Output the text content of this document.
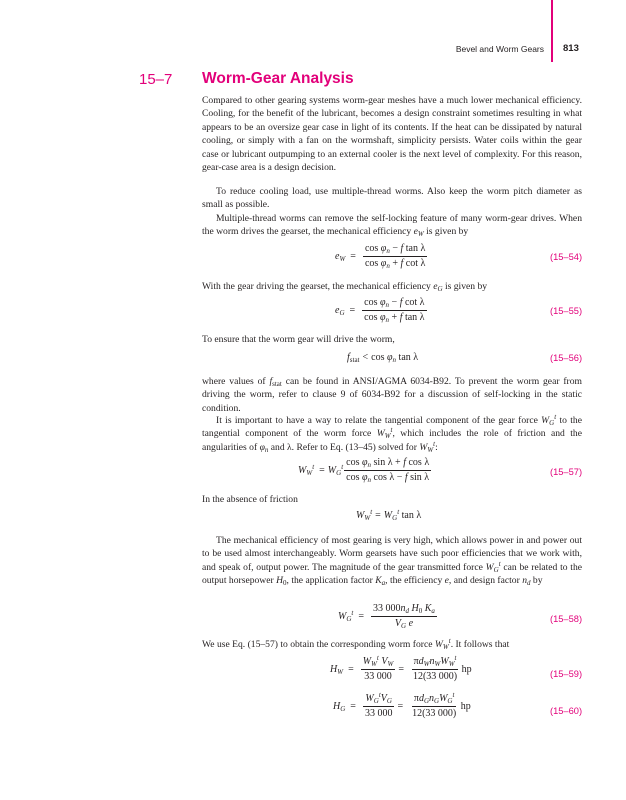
Bevel and Worm Gears 813
15–7 Worm-Gear Analysis
Compared to other gearing systems worm-gear meshes have a much lower mechanical efficiency. Cooling, for the benefit of the lubricant, becomes a design constraint sometimes resulting in what appears to be an oversize gear case in light of its contents. If the heat can be dissipated by natural cooling, or simply with a fan on the wormshaft, simplicity persists. Water coils within the gear case or lubricant outpumping to an external cooler is the next level of complexity. For this reason, gear-case area is a design decision.
To reduce cooling load, use multiple-thread worms. Also keep the worm pitch diameter as small as possible.
Multiple-thread worms can remove the self-locking feature of many worm-gear drives. When the worm drives the gearset, the mechanical efficiency $e_W$ is given by
$e_W = \frac{\cos \varphi_n - f \tan \lambda}{\cos \varphi_n + f \cot \lambda}$	(15–54)
With the gear driving the gearset, the mechanical efficiency $e_G$ is given by
$e_G = \frac{\cos \varphi_n - f \cot \lambda}{\cos \varphi_n + f \tan \lambda}$	(15–55)
To ensure that the worm gear will drive the worm,
$f_{stat} < \cos \varphi_n$ tan λ	(15–56)
where values of $f_{stat}$ can be found in ANSI/AGMA 6034-B92. To prevent the worm gear from driving the worm, refer to clause 9 of 6034-B92 for a discussion of self-locking in the static condition.
It is important to have a way to relate the tangential component of the gear force $W_G^t$ to the tangential component of the worm force $W_W^t$, which includes the role of friction and the angularities of $\varphi_n$ and λ. Refer to Eq. (13–45) solved for $W_W^t$:
$W_W^t = W_G^t \frac{\cos \varphi_n \sin \lambda + f \cos \lambda}{\cos \varphi_n \cos \lambda - f \sin \lambda}$	(15–57)
In the absence of friction
$W_W^t = W_G^t$
tan λ
The mechanical efficiency of most gearing is very high, which allows power in and power out to be used almost interchangeably. Worm gearsets have such poor efficiencies that we work with, and speak of, output power. The magnitude of the gear transmitted force $W_G^t$ can be related to the output horsepower $H_0$, the application factor $K_a$, the efficiency e, and design factor $n_d$ by
$W_G^t = \frac{33 000n_d H_0 K_a}{V_G e}$	(15–58)
We use Eq. (15–57) to obtain the corresponding worm force $W_W^t$. It follows that
$H_W = \frac{W_W^t V_W}{33 000} = \frac{\pi d_Wn_WW_W^t}{12(33 000)}$
hp	(15–59)
$H_G = \frac{W_G^tV_G}{33 000} = \frac{\pi d_Gn_GW_G^t}{12(33 000)}$
hp	(15–60)
